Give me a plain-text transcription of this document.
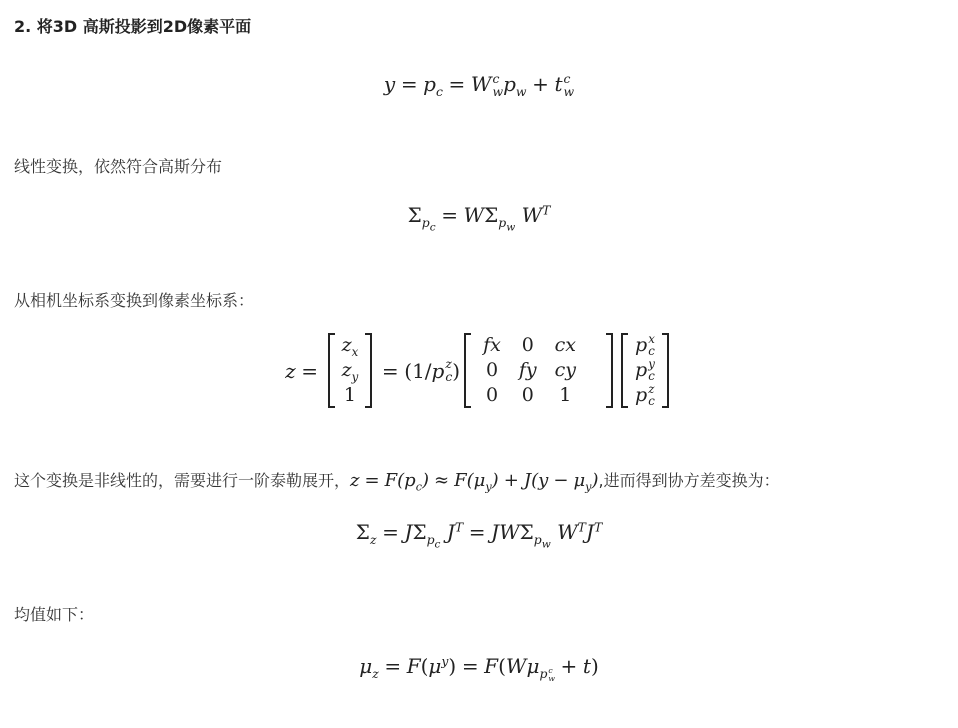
2. 将3D 高斯投影到2D像素平面
$y = p_c = W$ c
w $p_w + t$ c
w
线性变换，依然符合高斯分布
$\Sigma_{p_c}= W\Sigma_{p_w}$ $W^T$
从相机坐标系变换到像素坐标系：
z =
$z_x$
$z_y$
1
= (1/ p z
c )
fx	0	cx	
0	fy	cy	
0	0	1	
p x
c

p y
c

p z
c
这个变换是非线性的，需要进行一阶泰勒展开，$z = F(p_c) \approx F(\mu_y) + J(y - \mu_y)$,进而得到协方差变换为：
$\Sigma_z = J\Sigma_{p_c}$ $J^T = JW\Sigma_{p_w}$ $W^TJ^T$
均值如下：
$\mu_z = F(\mu^y) = F(W\mu_{p c w} + t)$
